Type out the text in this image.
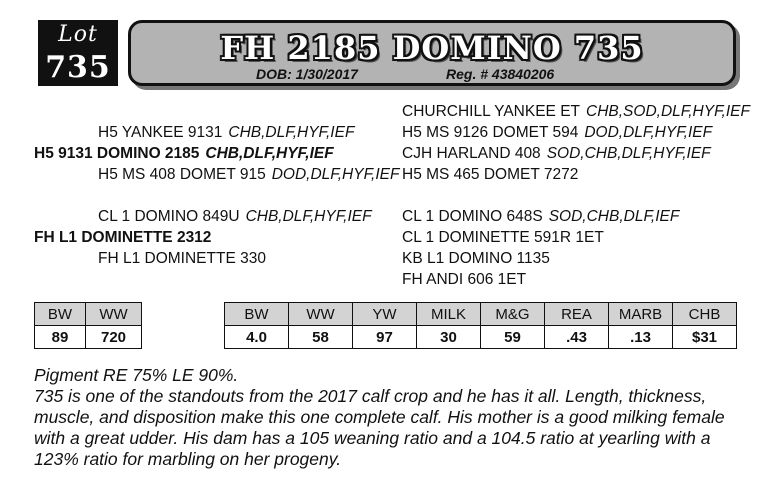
Lot
735
FH 2185 DOMINO 735
DOB: 1/30/2017	Reg. # 43840206
CHURCHILL YANKEE ET CHB,SOD,DLF,HYF,IEF
H5 YANKEE 9131 CHB,DLF,HYF,IEF	H5 MS 9126 DOMET 594 DOD,DLF,HYF,IEF
H5 9131 DOMINO 2185 CHB,DLF,HYF,IEF	CJH HARLAND 408 SOD,CHB,DLF,HYF,IEF
H5 MS 408 DOMET 915 DOD,DLF,HYF,IEF H5 MS 465 DOMET 7272
CL 1 DOMINO 849U CHB,DLF,HYF,IEF CL 1 DOMINO 648S SOD,CHB,DLF,IEF
FH L1 DOMINETTE 2312	CL 1 DOMINETTE 591R 1ET
FH L1 DOMINETTE 330	KB L1 DOMINO 1135
FH ANDI 606 1ET
BW	WW
89	720
BW	WW	YW	MILK	M&G	REA	MARB	CHB
4.0	58	97	30	59	.43	.13	$31

Pigment RE 75% LE 90%.

735 is one of the standouts from the 2017 calf crop and he has it all. Length, thickness, muscle, and disposition make this one complete calf. His mother is a good milking female with a great udder. His dam has a 105 weaning ratio and a 104.5 ratio at yearling with a 123% ratio for marbling on her progeny.
